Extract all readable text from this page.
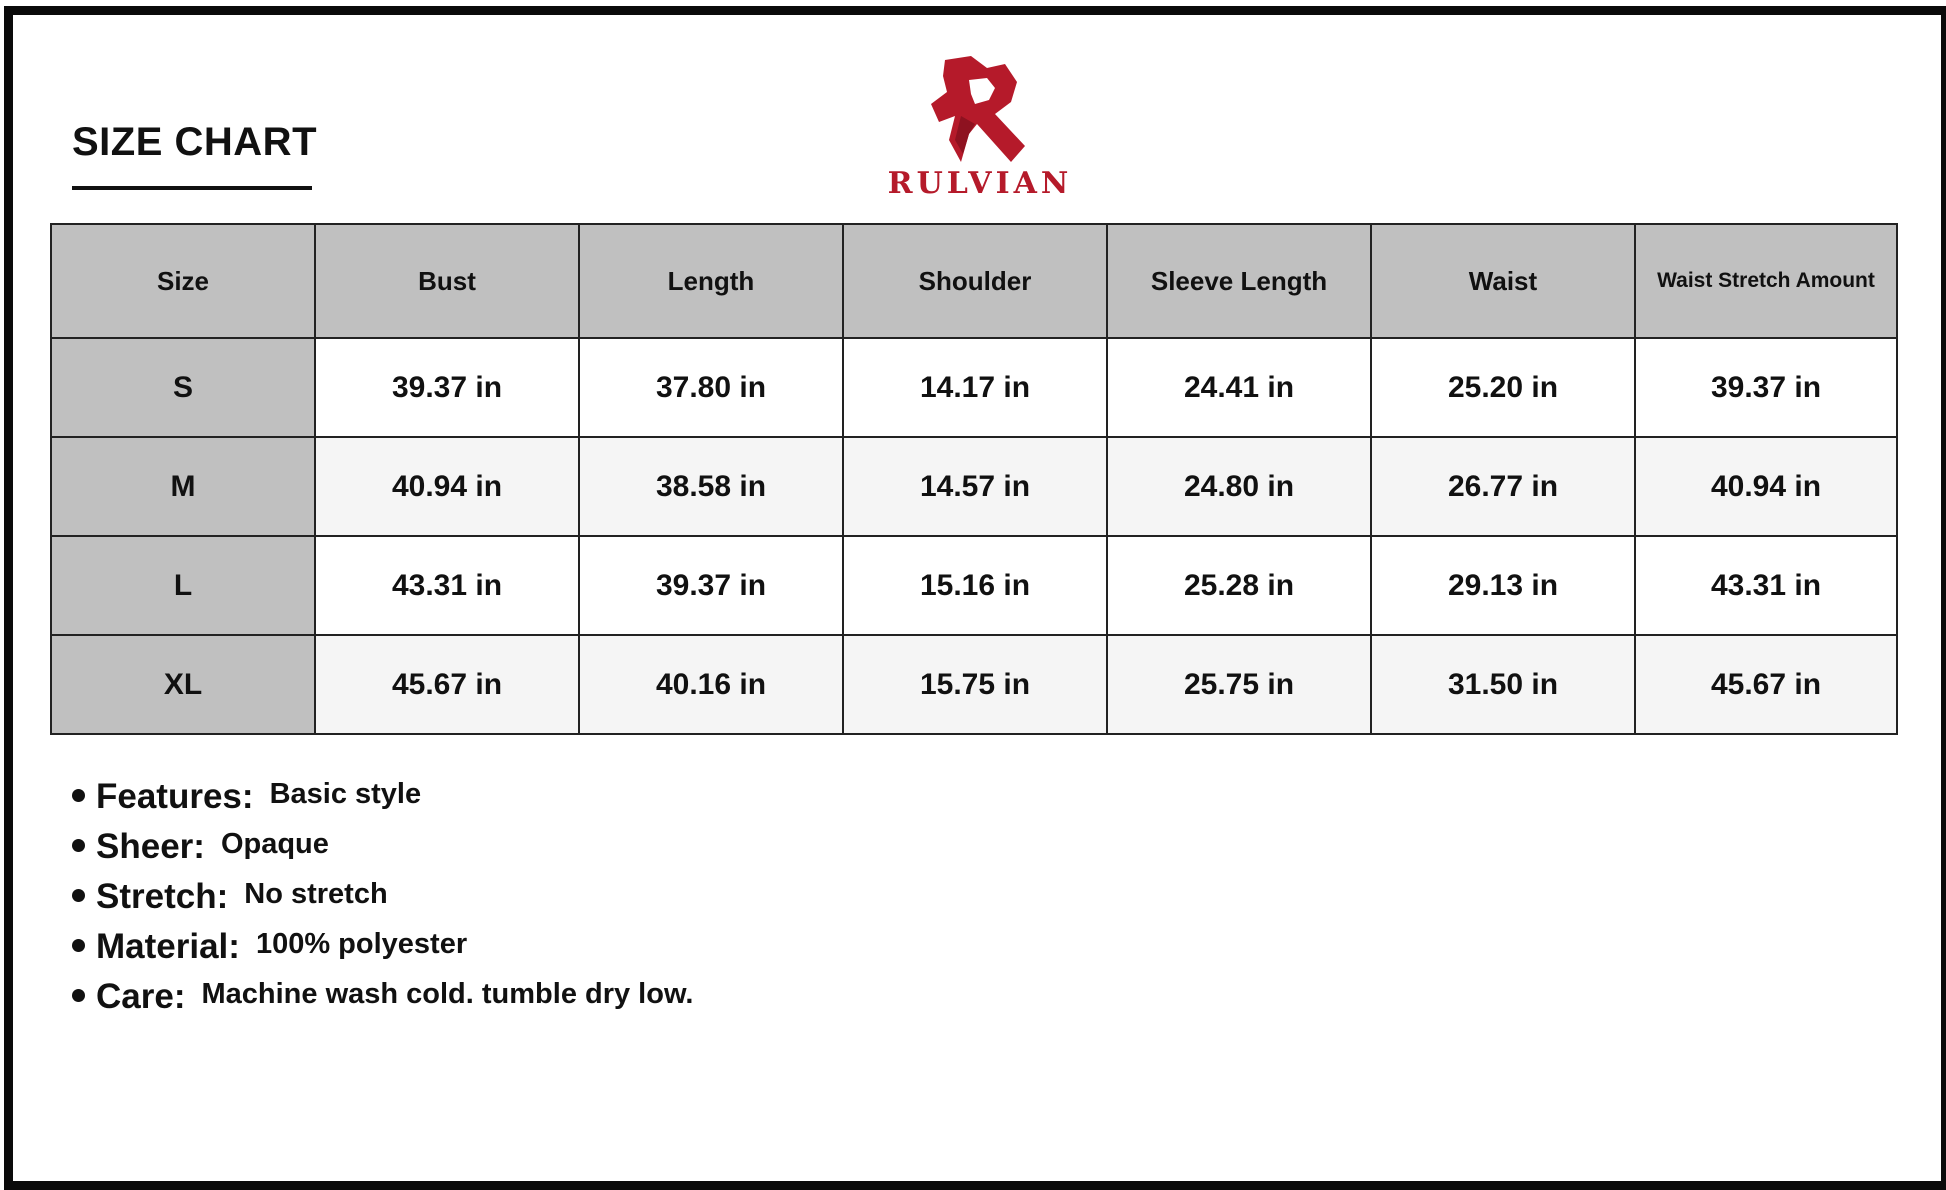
SIZE CHART
RULVIAN
Size	Bust	Length	Shoulder	Sleeve Length	Waist	Waist Stretch Amount
S	39.37 in	37.80 in	14.17 in	24.41 in	25.20 in	39.37 in
M	40.94 in	38.58 in	14.57 in	24.80 in	26.77 in	40.94 in
L	43.31 in	39.37 in	15.16 in	25.28 in	29.13 in	43.31 in
XL	45.67 in	40.16 in	15.75 in	25.75 in	31.50 in	45.67 in
Features: Basic style
Sheer: Opaque
Stretch: No stretch
Material: 100% polyester
Care: Machine wash cold. tumble dry low.
